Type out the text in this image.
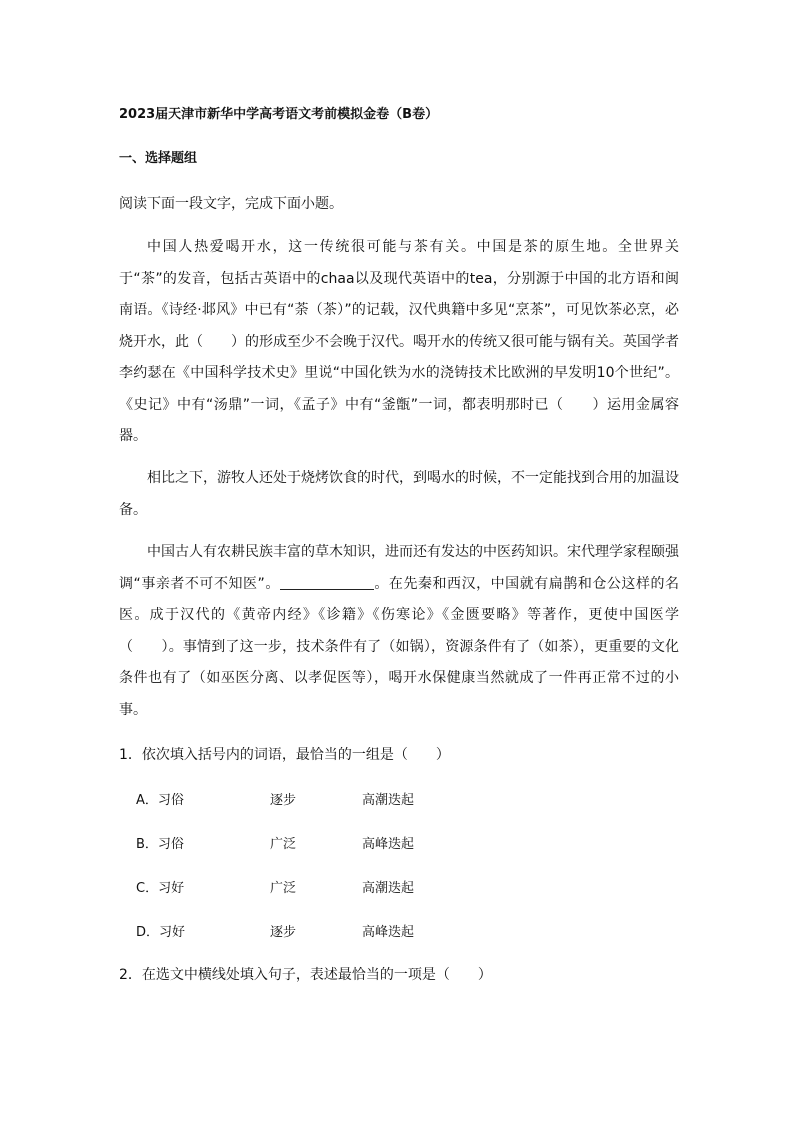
2023届天津市新华中学高考语文考前模拟金卷（B卷）
一、选择题组
阅读下面一段文字，完成下面小题。
中国人热爱喝开水，这一传统很可能与茶有关。中国是茶的原生地。全世界关于“茶”的发音，包括古英语中的chaa以及现代英语中的tea，分别源于中国的北方语和闽南语。《诗经·邶风》中已有“荼（茶）”的记载，汉代典籍中多见“烹茶”，可见饮茶必烹，必烧开水，此（　　）的形成至少不会晚于汉代。喝开水的传统又很可能与锅有关。英国学者李约瑟在《中国科学技术史》里说“中国化铁为水的浇铸技术比欧洲的早发明10个世纪”。《史记》中有“汤鼎”一词，《孟子》中有“釜甑”一词，都表明那时已（　　）运用金属容器。
相比之下，游牧人还处于烧烤饮食的时代，到喝水的时候，不一定能找到合用的加温设备。
中国古人有农耕民族丰富的草木知识，进而还有发达的中医药知识。宋代理学家程颐强调“事亲者不可不知医”。	。在先秦和西汉，中国就有扁鹊和仓公这样的名医。成于汉代的《黄帝内经》《诊籍》《伤寒论》《金匮要略》等著作，更使中国医学（　　）。事情到了这一步，技术条件有了（如锅），资源条件有了（如茶），更重要的文化条件也有了（如巫医分离、以孝促医等），喝开水保健康当然就成了一件再正常不过的小事。
1．依次填入括号内的词语，最恰当的一组是（　　）
A．习俗	逐步	高潮迭起
B．习俗	广泛	高峰迭起
C．习好	广泛	高潮迭起
D．习好	逐步	高峰迭起
2．在选文中横线处填入句子，表述最恰当的一项是（　　）
